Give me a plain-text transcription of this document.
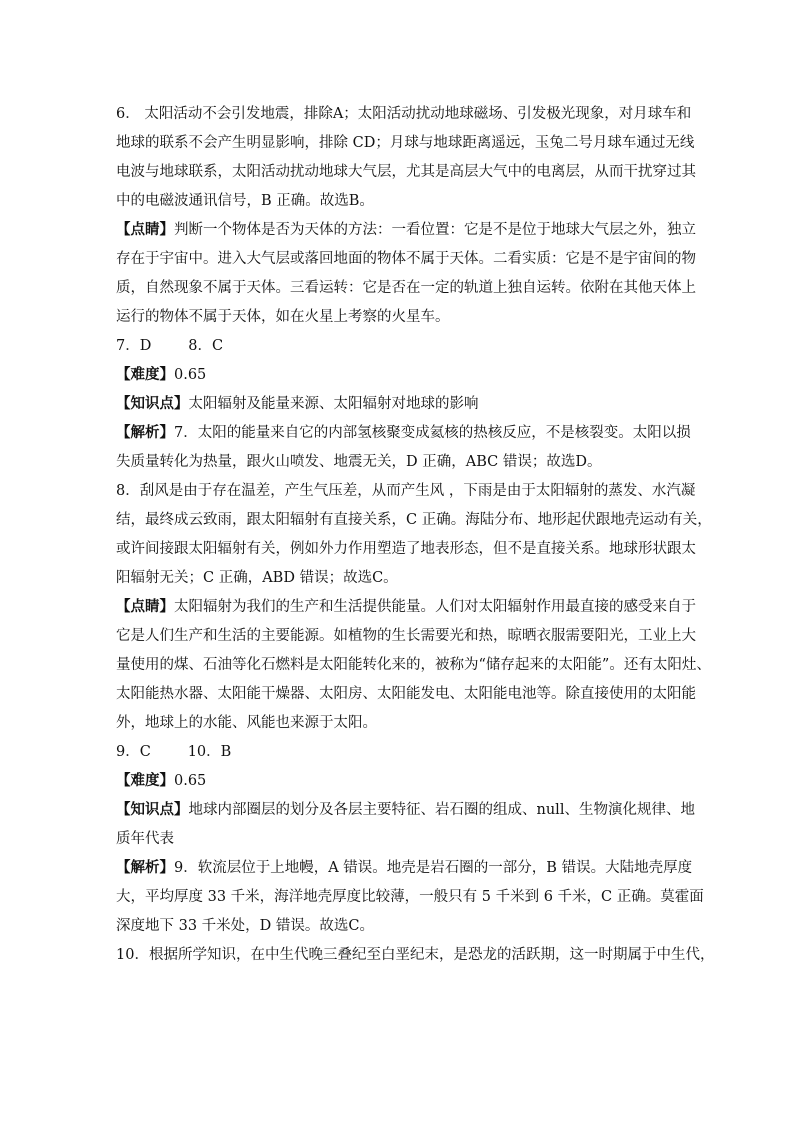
6． 太阳活动不会引发地震，排除A；太阳活动扰动地球磁场、引发极光现象，对月球车和
地球的联系不会产生明显影响，排除 CD；月球与地球距离遥远，玉兔二号月球车通过无线
电波与地球联系，太阳活动扰动地球大气层，尤其是高层大气中的电离层，从而干扰穿过其
中的电磁波通讯信号，B 正确。故选B。
【点睛】判断一个物体是否为天体的方法：一看位置：它是不是位于地球大气层之外，独立
存在于宇宙中。进入大气层或落回地面的物体不属于天体。二看实质：它是不是宇宙间的物
质，自然现象不属于天体。三看运转：它是否在一定的轨道上独自运转。依附在其他天体上
运行的物体不属于天体，如在火星上考察的火星车。
7．D        8．C
【难度】0.65
【知识点】太阳辐射及能量来源、太阳辐射对地球的影响
【解析】7．太阳的能量来自它的内部氢核聚变成氦核的热核反应，不是核裂变。太阳以损
失质量转化为热量，跟火山喷发、地震无关，D 正确，ABC 错误；故选D。
8．刮风是由于存在温差，产生气压差，从而产生风 ，下雨是由于太阳辐射的蒸发、水汽凝
结，最终成云致雨，跟太阳辐射有直接关系，C 正确。海陆分布、地形起伏跟地壳运动有关，
或许间接跟太阳辐射有关，例如外力作用塑造了地表形态，但不是直接关系。地球形状跟太
阳辐射无关；C 正确，ABD 错误；故选C。
【点睛】太阳辐射为我们的生产和生活提供能量。人们对太阳辐射作用最直接的感受来自于
它是人们生产和生活的主要能源。如植物的生长需要光和热，晾晒衣服需要阳光，工业上大
量使用的煤、石油等化石燃料是太阳能转化来的，被称为“储存起来的太阳能”。还有太阳灶、
太阳能热水器、太阳能干燥器、太阳房、太阳能发电、太阳能电池等。除直接使用的太阳能
外，地球上的水能、风能也来源于太阳。
9．C        10．B
【难度】0.65
【知识点】地球内部圈层的划分及各层主要特征、岩石圈的组成、null、生物演化规律、地
质年代表
【解析】9．软流层位于上地幔，A 错误。地壳是岩石圈的一部分，B 错误。大陆地壳厚度
大，平均厚度 33 千米，海洋地壳厚度比较薄，一般只有 5 千米到 6 千米，C 正确。莫霍面
深度地下 33 千米处，D 错误。故选C。
10．根据所学知识，在中生代晚三叠纪至白垩纪末，是恐龙的活跃期，这一时期属于中生代，
